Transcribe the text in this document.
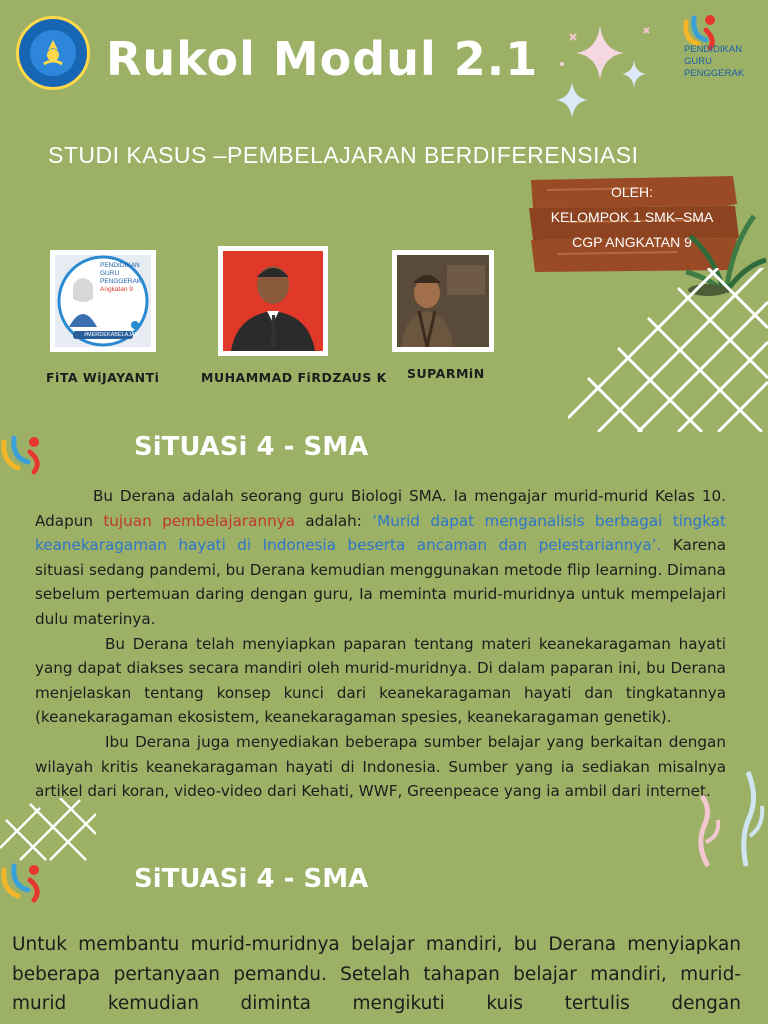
Rukol Modul 2.1	PENDIDIKAN
GURU
PENGGERAK
STUDI KASUS –PEMBELAJARAN BERDIFERENSIASI
OLEH:
KELOMPOK 1 SMK–SMA
CGP ANGKATAN 9
PENDIDIKAN
GURU
PENGGERAK
Angkatan 9
#MERDEKABELAJAR
FiTA WiJAYANTi	MUHAMMAD FiRDZAUS K SUPARMiN
SiTUASi 4 - SMA

Bu Derana adalah seorang guru Biologi SMA. Ia mengajar murid-murid Kelas 10. Adapun tujuan pembelajarannya adalah: ‘Murid dapat menganalisis berbagai tingkat keanekaragaman hayati di Indonesia beserta ancaman dan pelestariannya’. Karena situasi sedang pandemi, bu Derana kemudian menggunakan metode flip learning. Dimana sebelum pertemuan daring dengan guru, Ia meminta murid-muridnya untuk mempelajari dulu materinya.

Bu Derana telah menyiapkan paparan tentang materi keanekaragaman hayati yang dapat diakses secara mandiri oleh murid-muridnya. Di dalam paparan ini, bu Derana menjelaskan tentang konsep kunci dari keanekaragaman hayati dan tingkatannya (keanekaragaman ekosistem, keanekaragaman spesies, keanekaragaman genetik).

Ibu Derana juga menyediakan beberapa sumber belajar yang berkaitan dengan wilayah kritis keanekaragaman hayati di Indonesia. Sumber yang ia sediakan misalnya artikel dari koran, video-video dari Kehati, WWF, Greenpeace yang ia ambil dari internet.

SiTUASi 4 - SMA
Untuk membantu murid-muridnya belajar mandiri, bu Derana menyiapkan beberapa pertanyaan pemandu. Setelah tahapan belajar mandiri, murid-murid kemudian diminta mengikuti kuis tertulis dengan
